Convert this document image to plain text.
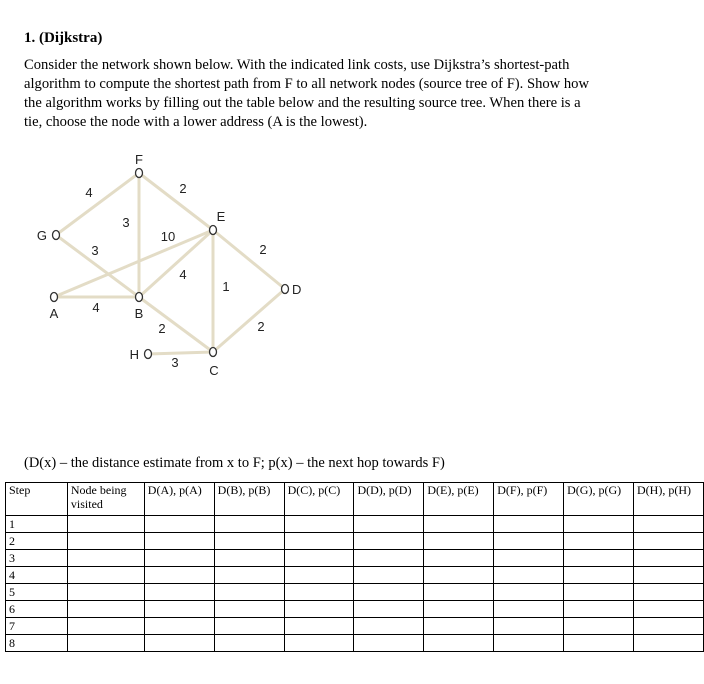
1. (Dijkstra)
Consider the network shown below. With the indicated link costs, use Dijkstra’s shortest-path
algorithm to compute the shortest path from F to all network nodes (source tree of F). Show how
the algorithm works by filling out the table below and the resulting source tree. When there is a
tie, choose the node with a lower address (A is the lowest).
F
E
G
A	B
D
H
C
4	2
3
3
10
4
2
4
1
2
2
3
(D(x) – the distance estimate from x to F; p(x) – the next hop towards F)
Step	Node being visited	D(A), p(A)	D(B), p(B)	D(C), p(C)	D(D), p(D)	D(E), p(E)	D(F), p(F)	D(G), p(G)	D(H), p(H)
1									
2									
3									
4									
5									
6									
7									
8									
